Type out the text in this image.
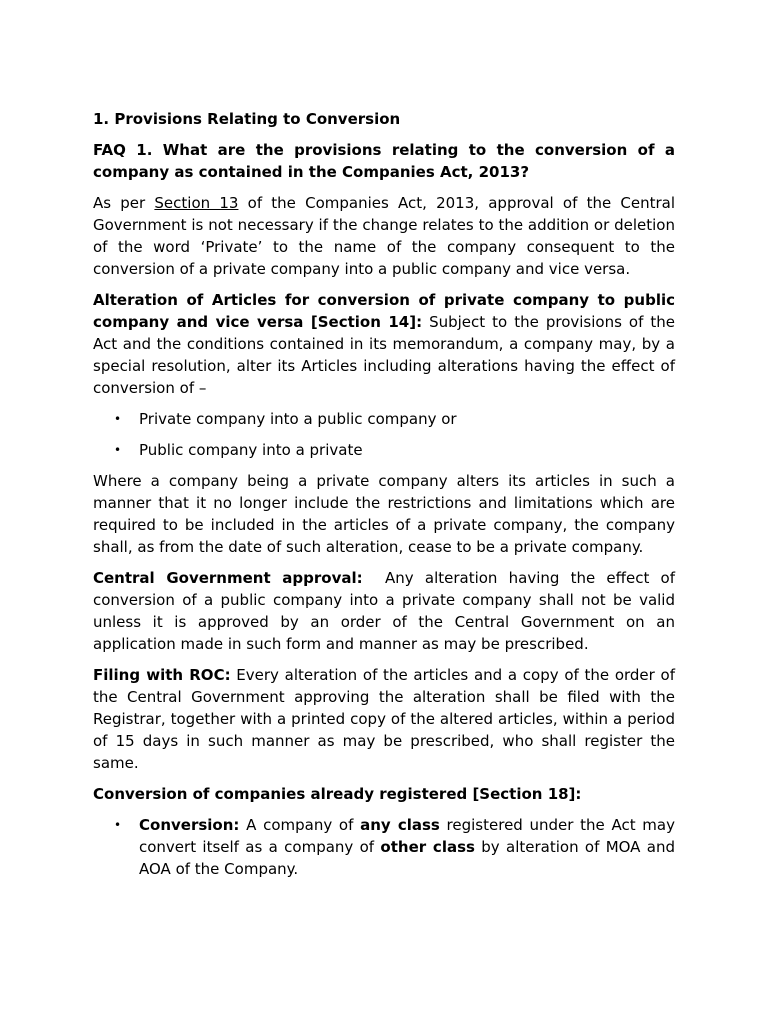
1. Provisions Relating to Conversion

FAQ 1. What are the provisions relating to the conversion of a company as contained in the Companies Act, 2013?

As per Section 13 of the Companies Act, 2013, approval of the Central Government is not necessary if the change relates to the addition or deletion of the word ‘Private’ to the name of the company consequent to the conversion of a private company into a public company and vice versa.

Alteration of Articles for conversion of private company to public company and vice versa [Section 14]: Subject to the provisions of the Act and the conditions contained in its memorandum, a company may, by a special resolution, alter its Articles including alterations having the effect of conversion of –

• Private company into a public company or
• Public company into a private

Where a company being a private company alters its articles in such a manner that it no longer include the restrictions and limitations which are required to be included in the articles of a private company, the company shall, as from the date of such alteration, cease to be a private company.

Central Government approval:  Any alteration having the effect of conversion of a public company into a private company shall not be valid unless it is approved by an order of the Central Government on an application made in such form and manner as may be prescribed.

Filing with ROC: Every alteration of the articles and a copy of the order of the Central Government approving the alteration shall be filed with the Registrar, together with a printed copy of the altered articles, within a period of 15 days in such manner as may be prescribed, who shall register the same.

Conversion of companies already registered [Section 18]:

• Conversion: A company of any class registered under the Act may convert itself as a company of other class by alteration of MOA and AOA of the Company.
